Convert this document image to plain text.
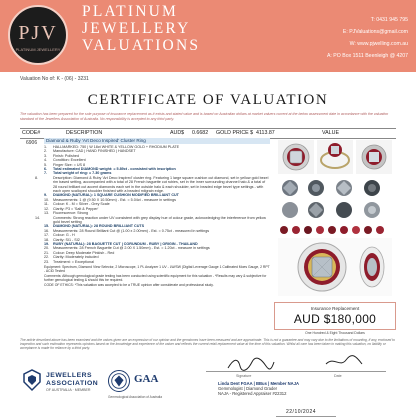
PJV
PLATINUM JEWELLERY
PLATINUM
JEWELLERY
VALUATIONS
T: 0431 945 795
E: PJValuations@gmail.com
W: www.pjwelling.com.au
A: PO Box 1511 Beenleigh @ 4207
Valuation No of: K - (06) - 3231
CERTIFICATE OF VALUATION
The valuation has been prepared for the sole purpose of insurance replacement as it exists and stated value and is based on Australian dollars at market valuers current at the below assessment date in accordance with the valuation standard of the Jewellers Association of Australia. No responsibility is accepted to any third party.
CODE#	DESCRIPTION	AUD$ 0.6682 GOLD PRICE $ 4113.87	VALUE
6906	Diamond & Ruby 'Art Deco Inspired' Cluster Ring
1. HALLMARKED: 750 | W 18ct WHITE & YELLOW GOLD + RHODIUM PLATE
2. Manufacture: CAD | HAND FINISHED | HANDSET
3. Finish: Polished
4. Condition: Excellent
5. Finger Size: = US 8
6. Total estimated DIAMOND weight: = 5.89ct - consisted with inscription
7. Total weight of ring: = 7.30 grams
8.	Description: Diamond & Ruby 'Art Deco Inspired' cluster ring. Featuring 1 large square cushion cut diamond, set in yellow gold bezel rim based setting, accompanied with a total of 28 French baguette cut rubies, set in the inner surrounding channel halo & a total of 28 round brilliant cut accent diamonds each set in the outside halo & each shoulder, set in beaded edge bezel type settings - with each open scalloped shoulder finished with a beaded milgrain edge.
9. DIAMOND (NATURAL): 1 SQUARE CUSHION MODIFIED BRILLIANT CUT
10. Measurements: 1 @ (9.50 X 10.50mm) - Est. = 5.04ct - measure in settings
11. Colour: K - M = Silver - Grey Scale
12. Clarity: P3 = 'Salt & Pepper'
13. Fluorescence: Strong
14.	Comments: Strong reaction under UV consistent with grey display hue of colour grade, acknowledging the interference from yellow gold bezel setting
15. DIAMOND (NATURAL): 28 ROUND BRILLIANT CUTS
16. Measurements: 28 Round Brilliant Cut @ (1.00 x 2.00mm) - Est. = 0.75ct - measured in settings
17. Colour: G - H
18. Clarity: SI1 - SI2
19. RUBY (NATURAL): 28 BAGUETTE CUT | CORUNDUM - RUBY | ORIGIN - THAILAND
20. Measurements: 28 French Baguette Cut @ 2.00 X 1.50mm) - Est. = 1.20ct - measure in settings
21. Colour: Deep Moderate Pinkish - Red
22. Clarity: Moderately included
23. Treatment: = Exceptional
Equipment: Spectrum, Diamond View Selector, 2 Microscope, 1 PL Analyzer 1 UV - LW/SW (Digital Leverage Gauge 1 Calibrated Moes Gauge, 2 RPT - ACID Tested
Comments: Although gemological grade testing has been conducted using scientific equipment for this valuation - *Results may vary & subjective for further gemological testing & should this be required.
CODE OF ETHICS: *This valuation was accepted to be a TRUE opinion after considerate and professional study.
Insurance Replacement
AUD $180,000
One Hundred & Eight Thousand Dollars
The article described above has been examined and the values given are an expression of our opinion and the gemstones have been measured and are approximate. This is not a guarantee and may vary due to the limitations of mounting, if any, enclosed to inspection and such estimation represents opinions based on the knowledge and experience of the valuer and reflects the current retail replacement value at the time of this valuation. Whilst all care has been taken in making this valuation, no liability or acceptance is made for reliance by a third party.
JEWELLERS
ASSOCIATION
OF AUSTRALIA · MEMBER
GAA
Gemmological Association of Australia
Signature	Date
Linda Dent FGAA | BBus | Member NAJA
Gemmologist | Diamond Grader
NAJA - Registered Appraiser #22312
22/10/2024
